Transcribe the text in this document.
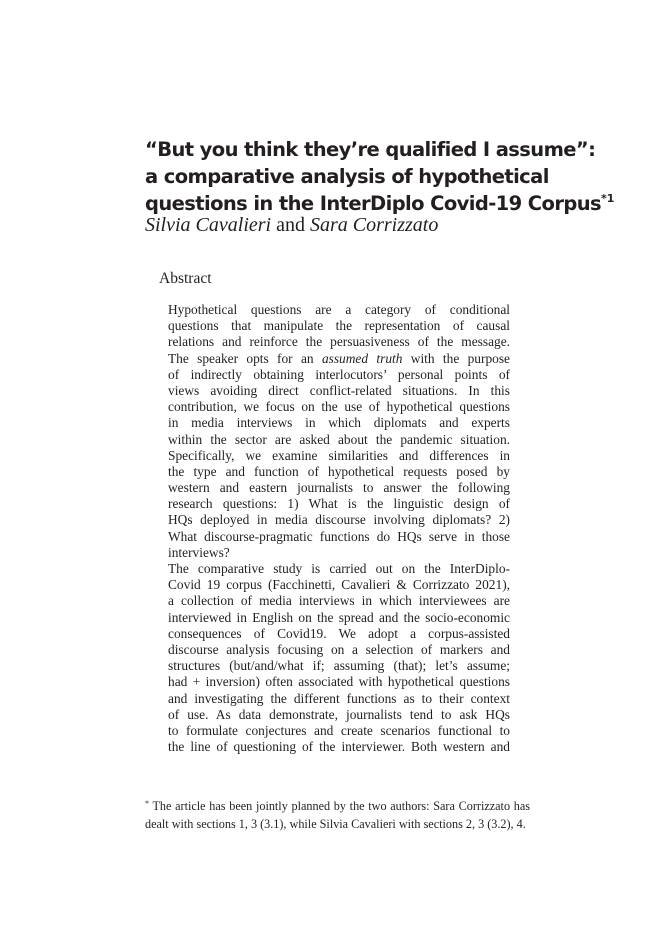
“But you think they’re qualified I assume”:
a comparative analysis of hypothetical
questions in the InterDiplo Covid-19 Corpus$^{*1}$
Silvia Cavalieri and Sara Corrizzato
Abstract
Hypothetical questions are a category of conditional
questions that manipulate the representation of causal
relations and reinforce the persuasiveness of the message.
The speaker opts for an assumed truth with the purpose
of indirectly obtaining interlocutors’ personal points of
views avoiding direct conflict-related situations. In this
contribution, we focus on the use of hypothetical questions
in media interviews in which diplomats and experts
within the sector are asked about the pandemic situation.
Specifically, we examine similarities and differences in
the type and function of hypothetical requests posed by
western and eastern journalists to answer the following
research questions: 1) What is the linguistic design of
HQs deployed in media discourse involving diplomats? 2)
What discourse-pragmatic functions do HQs serve in those
interviews?
The comparative study is carried out on the InterDiplo-
Covid 19 corpus (Facchinetti, Cavalieri & Corrizzato 2021),
a collection of media interviews in which interviewees are
interviewed in English on the spread and the socio-economic
consequences of Covid19. We adopt a corpus-assisted
discourse analysis focusing on a selection of markers and
structures (but/and/what if; assuming (that); let’s assume;
had + inversion) often associated with hypothetical questions
and investigating the different functions as to their context
of use. As data demonstrate, journalists tend to ask HQs
to formulate conjectures and create scenarios functional to
the line of questioning of the interviewer. Both western and
* The article has been jointly planned by the two authors: Sara Corrizzato has
dealt with sections 1, 3 (3.1), while Silvia Cavalieri with sections 2, 3 (3.2), 4.
